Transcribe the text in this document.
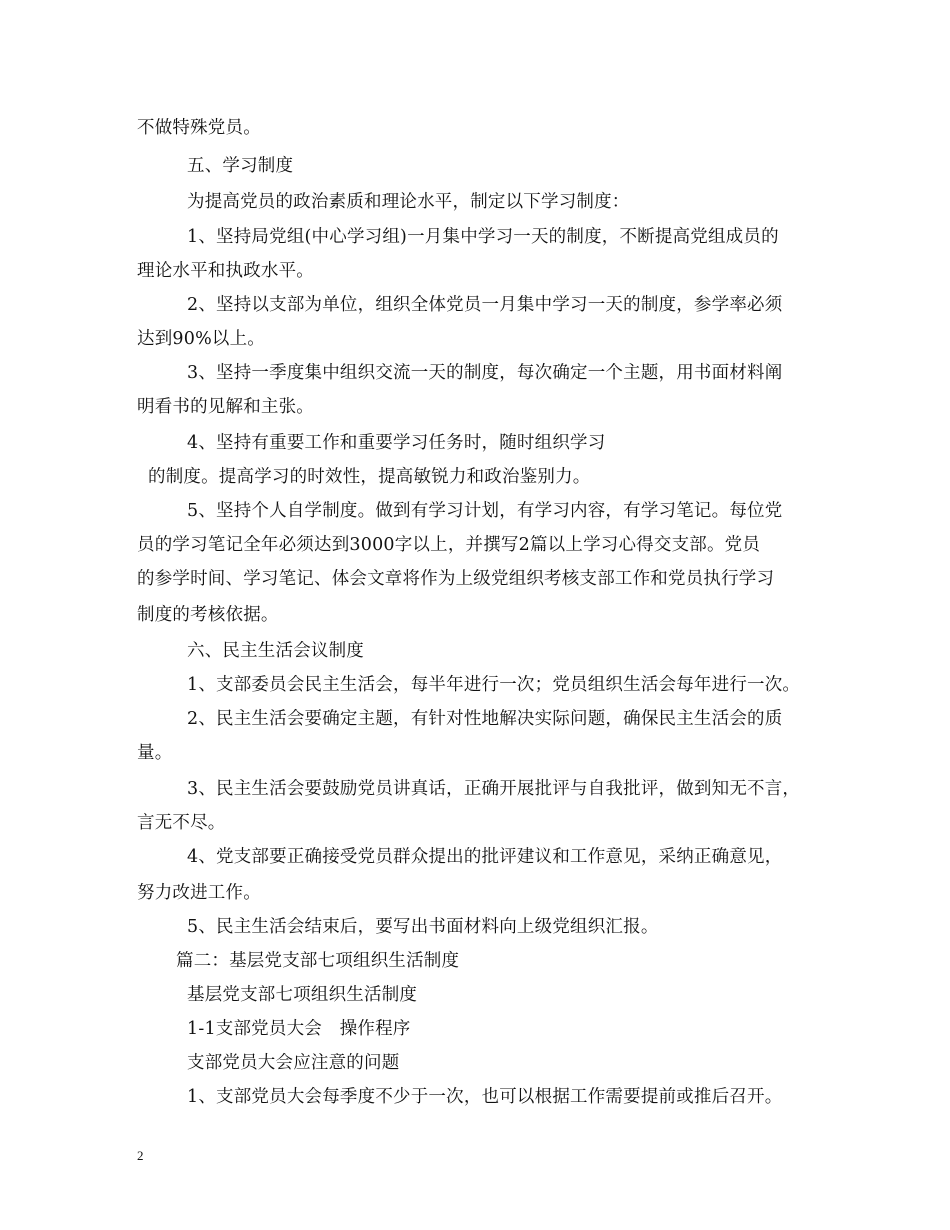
不做特殊党员。
五、学习制度
为提高党员的政治素质和理论水平，制定以下学习制度：
1、坚持局党组(中心学习组)一月集中学习一天的制度，不断提高党组成员的
理论水平和执政水平。
2、坚持以支部为单位，组织全体党员一月集中学习一天的制度，参学率必须
达到90%以上。
3、坚持一季度集中组织交流一天的制度，每次确定一个主题，用书面材料阐
明看书的见解和主张。
4、坚持有重要工作和重要学习任务时，随时组织学习
的制度。提高学习的时效性，提高敏锐力和政治鉴别力。
5、坚持个人自学制度。做到有学习计划，有学习内容，有学习笔记。每位党
员的学习笔记全年必须达到3000字以上，并撰写2篇以上学习心得交支部。党员
的参学时间、学习笔记、体会文章将作为上级党组织考核支部工作和党员执行学习
制度的考核依据。
六、民主生活会议制度
1、支部委员会民主生活会，每半年进行一次；党员组织生活会每年进行一次。
2、民主生活会要确定主题，有针对性地解决实际问题，确保民主生活会的质
量。
3、民主生活会要鼓励党员讲真话，正确开展批评与自我批评，做到知无不言，
言无不尽。
4、党支部要正确接受党员群众提出的批评建议和工作意见，采纳正确意见，
努力改进工作。
5、民主生活会结束后，要写出书面材料向上级党组织汇报。
篇二：基层党支部七项组织生活制度
基层党支部七项组织生活制度
1-1支部党员大会　操作程序
支部党员大会应注意的问题
1、支部党员大会每季度不少于一次，也可以根据工作需要提前或推后召开。
2
